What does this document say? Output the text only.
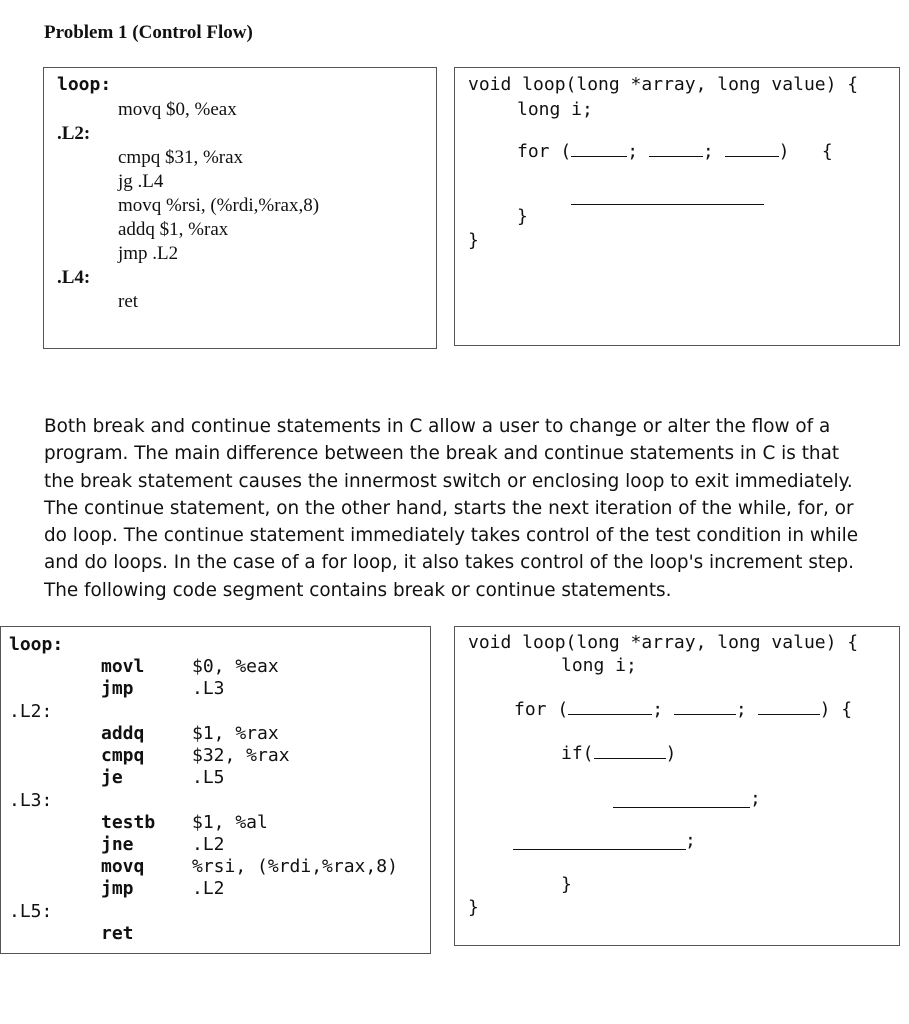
Problem 1 (Control Flow)
loop:
movq $0, %eax
.L2:
cmpq $31, %rax
jg .L4
movq %rsi, (%rdi,%rax,8)
addq $1, %rax
jmp .L2
.L4:
ret
void loop(long *array, long value) {
long i;
for (	;	;	) {
}
}
Both break and continue statements in C allow a user to change or alter the flow of a program. The main difference between the break and continue statements in C is that the break statement causes the innermost switch or enclosing loop to exit immediately. The continue statement, on the other hand, starts the next iteration of the while, for, or do loop. The continue statement immediately takes control of the test condition in while and do loops. In the case of a for loop, it also takes control of the loop's increment step. The following code segment contains break or continue statements.
loop:
movl	$0, %eax
jmp	.L3
.L2:
addq	$1, %rax
cmpq	$32, %rax
je	.L5
.L3:
testb $1, %al
jne	.L2
movq	%rsi, (%rdi,%rax,8)
jmp	.L2
.L5:
ret
void loop(long *array, long value) {
long i;
for (	;	;	) {
if(	)
;
;
}
}
